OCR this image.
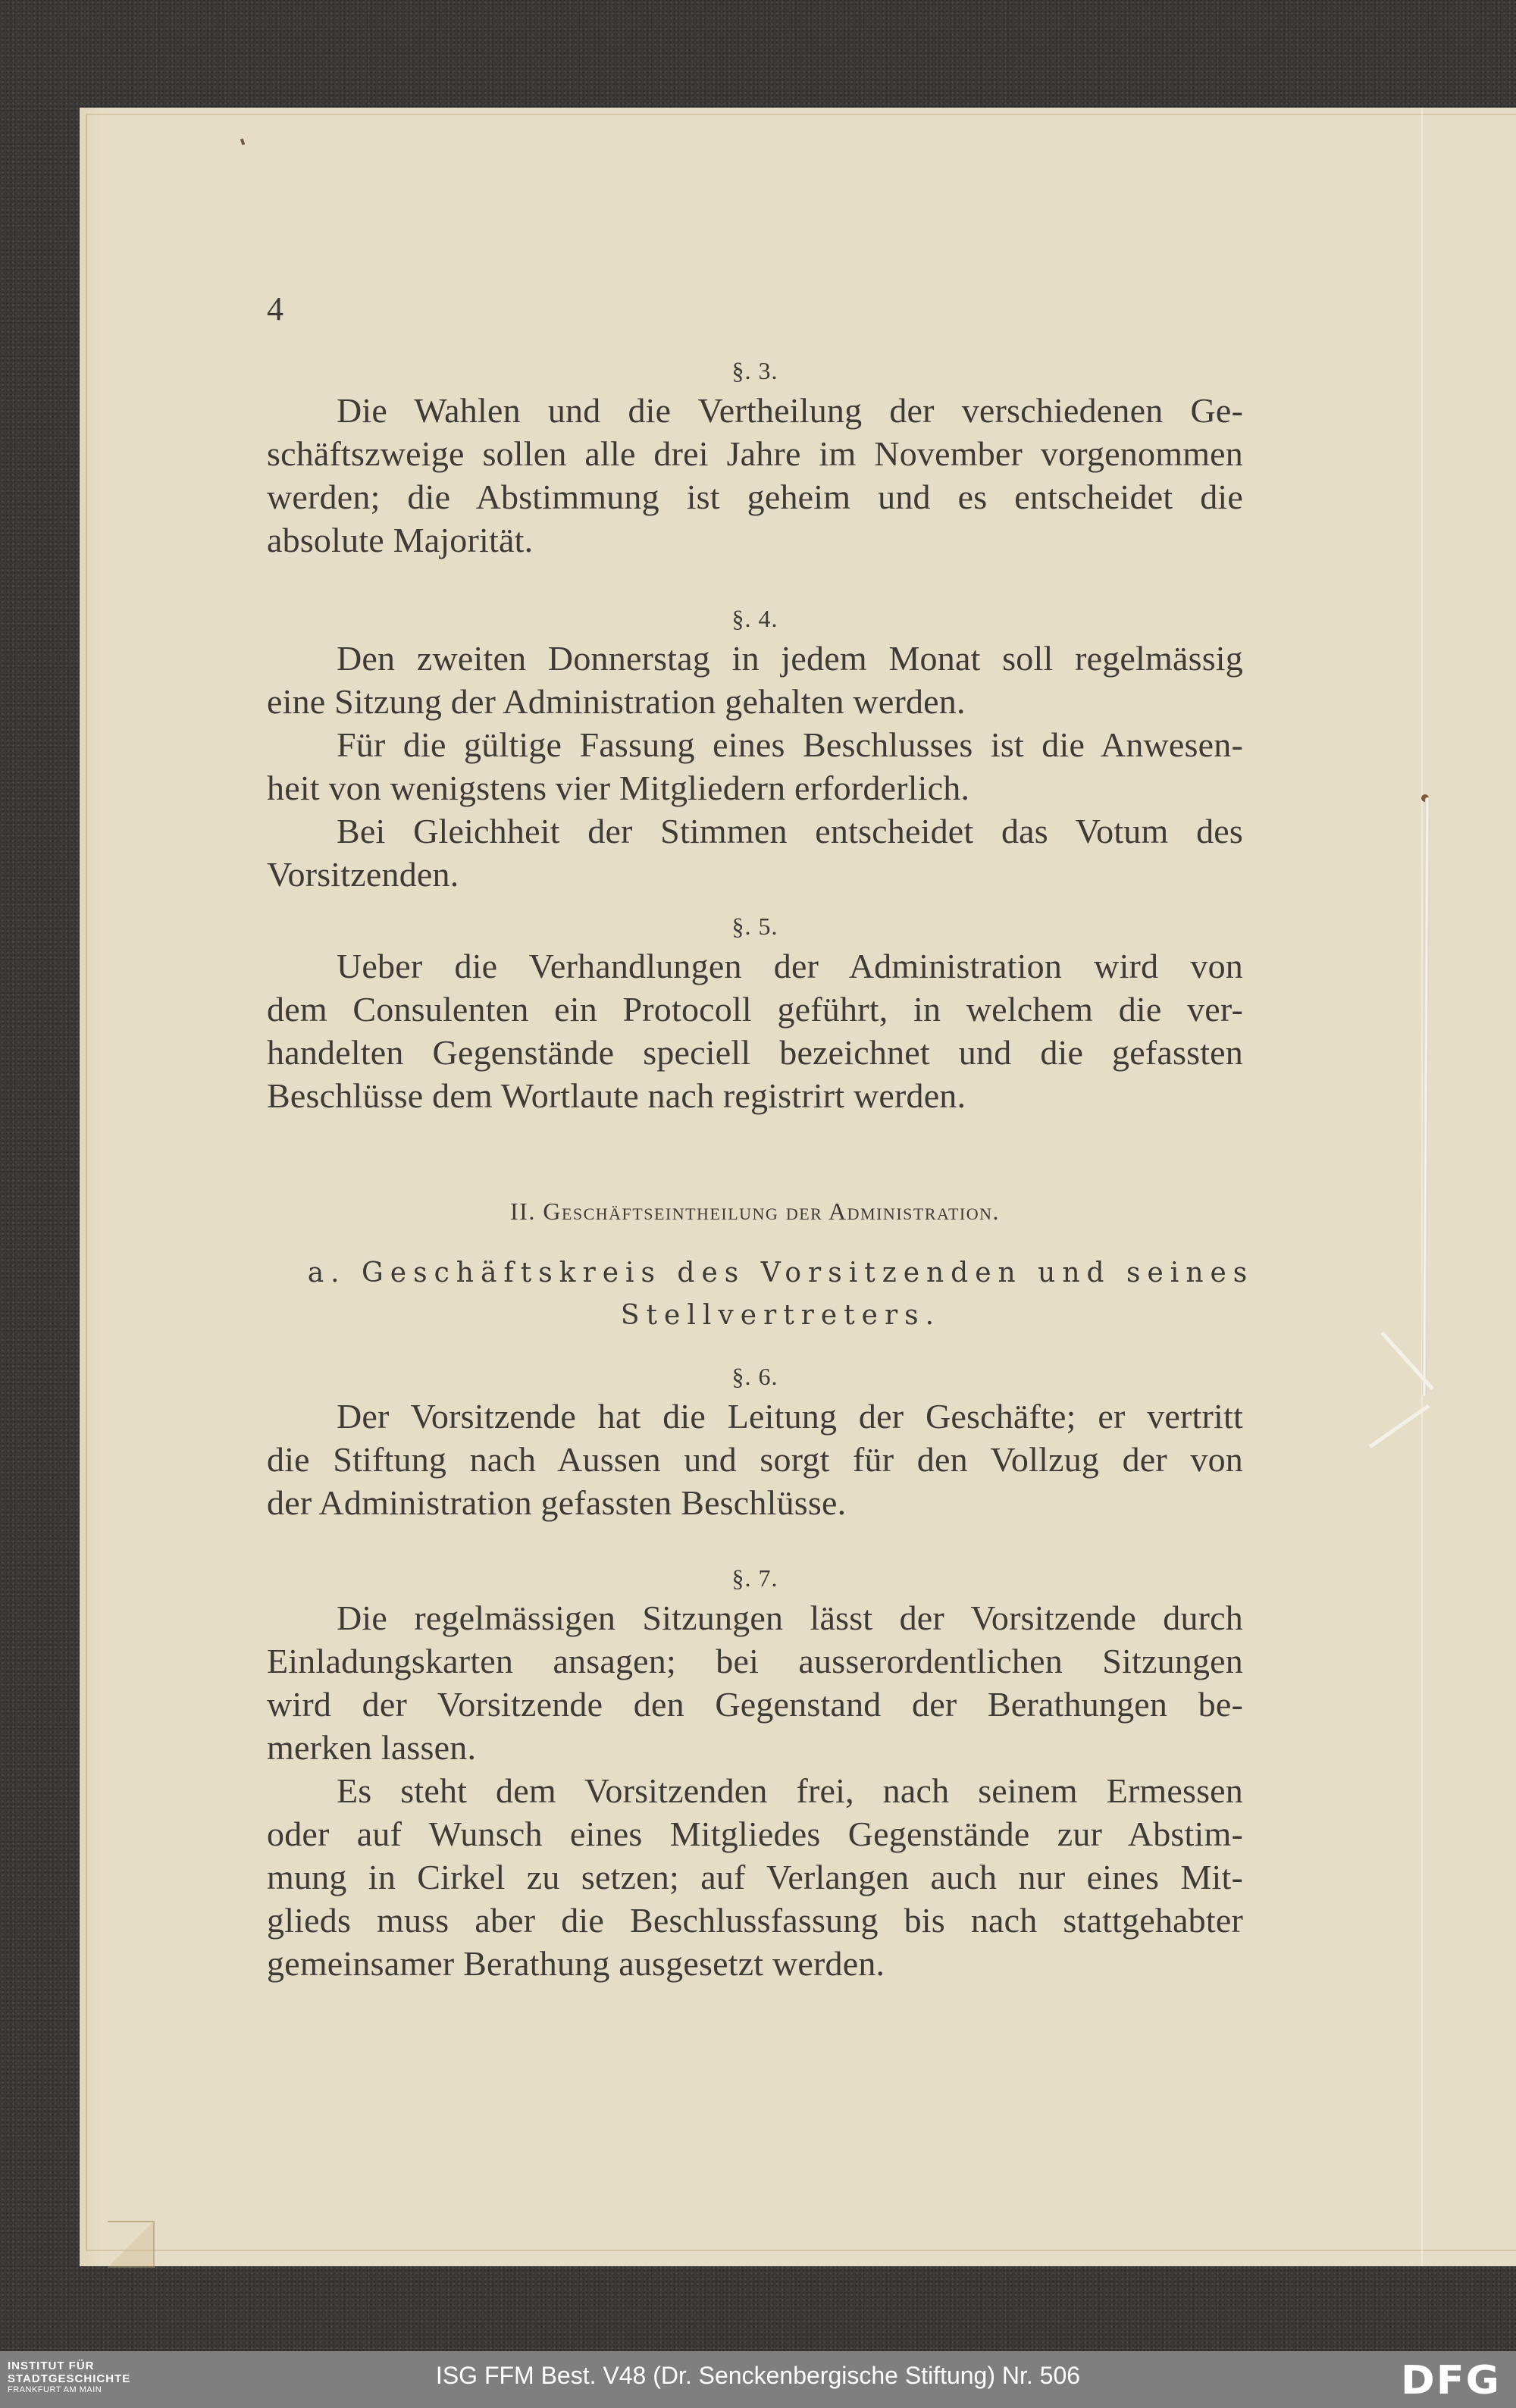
4

§. 3.

Die Wahlen und die Vertheilung der verschiedenen Ge-
schäftszweige sollen alle drei Jahre im November vorgenommen
werden; die Abstimmung ist geheim und es entscheidet die
absolute Majorität.

§. 4.

Den zweiten Donnerstag in jedem Monat soll regelmässig
eine Sitzung der Administration gehalten werden.

Für die gültige Fassung eines Beschlusses ist die Anwesen-
heit von wenigstens vier Mitgliedern erforderlich.

Bei Gleichheit der Stimmen entscheidet das Votum des
Vorsitzenden.

§. 5.

Ueber die Verhandlungen der Administration wird von
dem Consulenten ein Protocoll geführt, in welchem die ver-
handelten Gegenstände speciell bezeichnet und die gefassten
Beschlüsse dem Wortlaute nach registrirt werden.

II. Geschäftseintheilung der Administration.
a. Geschäftskreis des Vorsitzenden und seines
Stellvertreters.

§. 6.

Der Vorsitzende hat die Leitung der Geschäfte; er vertritt
die Stiftung nach Aussen und sorgt für den Vollzug der von
der Administration gefassten Beschlüsse.

§. 7.

Die regelmässigen Sitzungen lässt der Vorsitzende durch
Einladungskarten ansagen; bei ausserordentlichen Sitzungen
wird der Vorsitzende den Gegenstand der Berathungen be-
merken lassen.

Es steht dem Vorsitzenden frei, nach seinem Ermessen
oder auf Wunsch eines Mitgliedes Gegenstände zur Abstim-
mung in Cirkel zu setzen; auf Verlangen auch nur eines Mit-
glieds muss aber die Beschlussfassung bis nach stattgehabter
gemeinsamer Berathung ausgesetzt werden.

INSTITUT FÜR
STADTGESCHICHTE
FRANKFURT AM MAIN
ISG FFM Best. V48 (Dr. Senckenbergische Stiftung) Nr. 506	DFG
